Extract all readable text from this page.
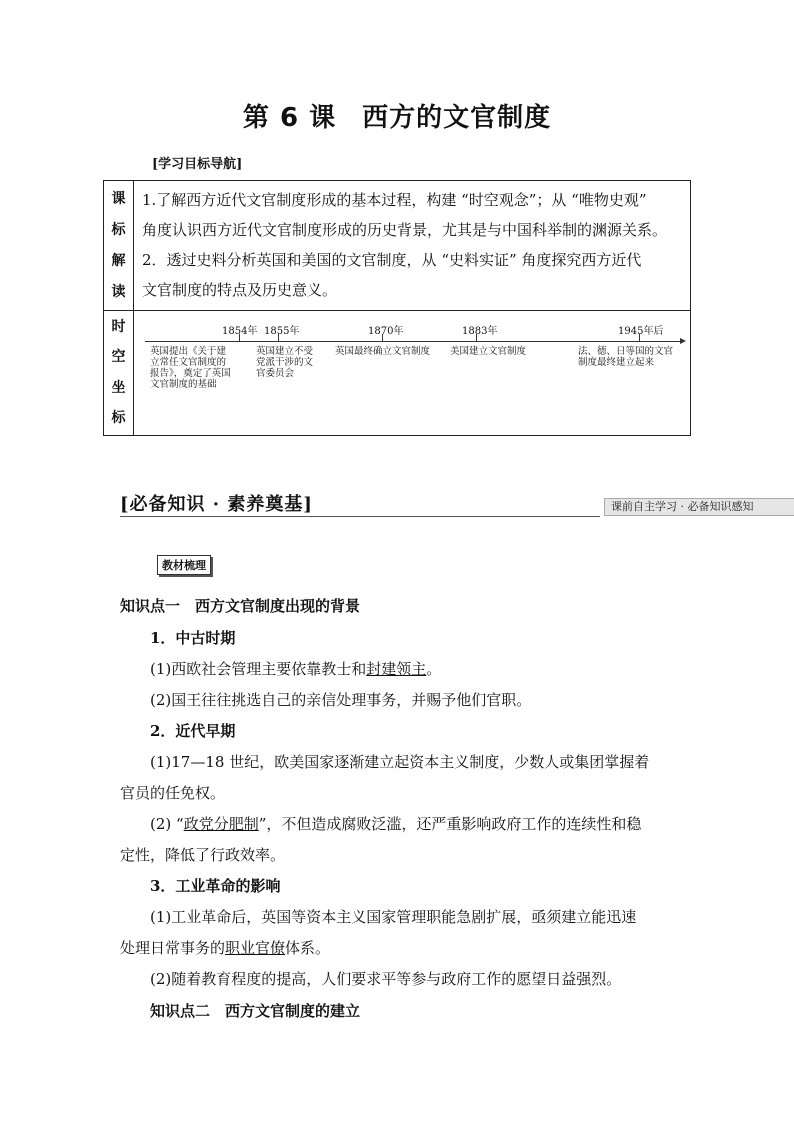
第 6 课 西方的文官制度
[学习目标导航]
课
标
解
读

1.了解西方近代文官制度形成的基本过程，构建 “时空观念”；从 “唯物史观”

角度认识西方近代文官制度形成的历史背景，尤其是与中国科举制的渊源关系。

2．透过史料分析英国和美国的文官制度，从 “史料实证” 角度探究西方近代

文官制度的特点及历史意义。

时
空
坐
标
1854年
英国提出《关于建
立常任文官制度的
报告》，奠定了英国
文官制度的基础
1855年
英国建立不受
党派干涉的文
官委员会
1870年
英国最终确立文官制度
1883年
美国建立文官制度
1945年后
法、德、日等国的文官
制度最终建立起来
[必备知识 · 素养奠基]	课前自主学习 · 必备知识感知
教材梳理
知识点一　西方文官制度出现的背景
1．中古时期
(1)西欧社会管理主要依靠教士和封建领主。
(2)国王往往挑选自己的亲信处理事务，并赐予他们官职。
2．近代早期
(1)17—18 世纪，欧美国家逐渐建立起资本主义制度，少数人或集团掌握着
官员的任免权。
(2) “政党分肥制”，不但造成腐败泛滥，还严重影响政府工作的连续性和稳
定性，降低了行政效率。
3．工业革命的影响
(1)工业革命后，英国等资本主义国家管理职能急剧扩展，亟须建立能迅速
处理日常事务的职业官僚体系。
(2)随着教育程度的提高，人们要求平等参与政府工作的愿望日益强烈。
知识点二　西方文官制度的建立
